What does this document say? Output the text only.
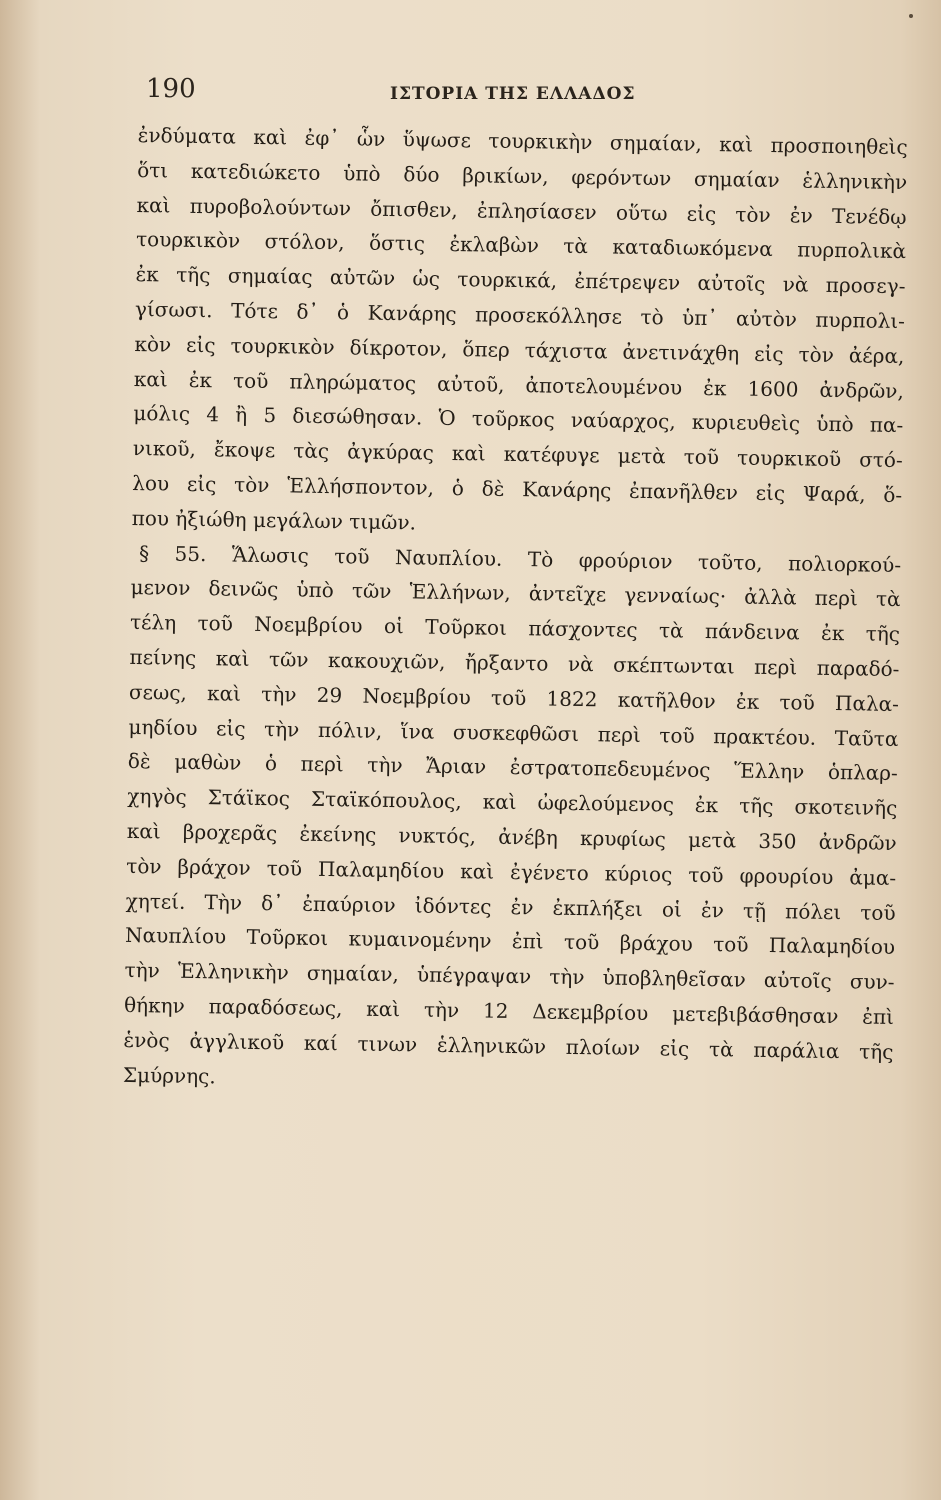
190	ΙΣΤΟΡΙΑ ΤΗΣ ΕΛΛΑΔΟΣ
ἐνδύματα καὶ ἐφ᾽ ὧν ὕψωσε τουρκικὴν σημαίαν, καὶ προσποιηθεὶς
ὅτι κατεδιώκετο ὑπὸ δύο βρικίων, φερόντων σημαίαν ἑλληνικὴν
καὶ πυροβολούντων ὄπισθεν, ἐπλησίασεν οὕτω εἰς τὸν ἐν Τενέδῳ
τουρκικὸν στόλον, ὅστις ἐκλαβὼν τὰ καταδιωκόμενα πυρπολικὰ
ἐκ τῆς σημαίας αὐτῶν ὡς τουρκικά, ἐπέτρεψεν αὐτοῖς νὰ προσεγ-
γίσωσι. Τότε δ᾽ ὁ Κανάρης προσεκόλλησε τὸ ὑπ᾽ αὐτὸν πυρπολι-
κὸν εἰς τουρκικὸν δίκροτον, ὅπερ τάχιστα ἀνετινάχθη εἰς τὸν ἀέρα,
καὶ ἐκ τοῦ πληρώματος αὐτοῦ, ἀποτελουμένου ἐκ 1600 ἀνδρῶν,
μόλις 4 ἢ 5 διεσώθησαν. Ὁ τοῦρκος ναύαρχος, κυριευθεὶς ὑπὸ πα-
νικοῦ, ἔκοψε τὰς ἀγκύρας καὶ κατέφυγε μετὰ τοῦ τουρκικοῦ στό-
λου εἰς τὸν Ἑλλήσποντον, ὁ δὲ Κανάρης ἐπανῆλθεν εἰς Ψαρά, ὅ-
που ἠξιώθη μεγάλων τιμῶν.
§ 55. Ἅλωσις τοῦ Ναυπλίου. Τὸ φρούριον τοῦτο, πολιορκού-
μενον δεινῶς ὑπὸ τῶν Ἑλλήνων, ἀντεῖχε γενναίως· ἀλλὰ περὶ τὰ
τέλη τοῦ Νοεμβρίου οἱ Τοῦρκοι πάσχοντες τὰ πάνδεινα ἐκ τῆς
πείνης καὶ τῶν κακουχιῶν, ἤρξαντο νὰ σκέπτωνται περὶ παραδό-
σεως, καὶ τὴν 29 Νοεμβρίου τοῦ 1822 κατῆλθον ἐκ τοῦ Παλα-
μηδίου εἰς τὴν πόλιν, ἵνα συσκεφθῶσι περὶ τοῦ πρακτέου. Ταῦτα
δὲ μαθὼν ὁ περὶ τὴν Ἄριαν ἐστρατοπεδευμένος Ἕλλην ὁπλαρ-
χηγὸς Στάϊκος Σταϊκόπουλος, καὶ ὠφελούμενος ἐκ τῆς σκοτεινῆς
καὶ βροχερᾶς ἐκείνης νυκτός, ἀνέβη κρυφίως μετὰ 350 ἀνδρῶν
τὸν βράχον τοῦ Παλαμηδίου καὶ ἐγένετο κύριος τοῦ φρουρίου ἀμα-
χητεί. Τὴν δ᾽ ἐπαύριον ἰδόντες ἐν ἐκπλήξει οἱ ἐν τῇ πόλει τοῦ
Ναυπλίου Τοῦρκοι κυμαινομένην ἐπὶ τοῦ βράχου τοῦ Παλαμηδίου
τὴν Ἑλληνικὴν σημαίαν, ὑπέγραψαν τὴν ὑποβληθεῖσαν αὐτοῖς συν-
θήκην παραδόσεως, καὶ τὴν 12 Δεκεμβρίου μετεβιβάσθησαν ἐπὶ
ἑνὸς ἀγγλικοῦ καί τινων ἑλληνικῶν πλοίων εἰς τὰ παράλια τῆς
Σμύρνης.
